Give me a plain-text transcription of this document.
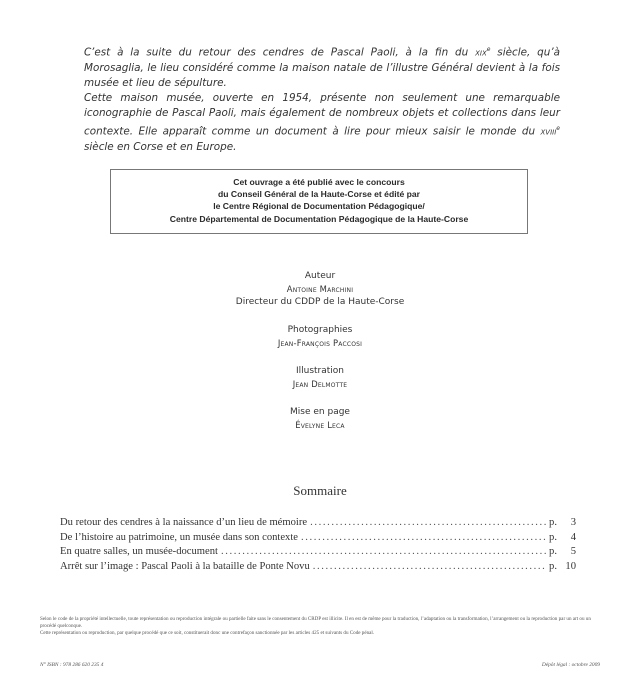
C’est à la suite du retour des cendres de Pascal Paoli, à la fin du xix$^e$ siècle, qu’à Morosaglia, le lieu considéré comme la maison natale de l’illustre Général devient à la fois musée et lieu de sépulture.

Cette maison musée, ouverte en 1954, présente non seulement une remarquable iconographie de Pascal Paoli, mais également de nombreux objets et collections dans leur contexte. Elle apparaît comme un document à lire pour mieux saisir le monde du xviii$^e$ siècle en Corse et en Europe.

Cet ouvrage a été publié avec le concours
du Conseil Général de la Haute-Corse et édité par
le Centre Régional de Documentation Pédagogique/
Centre Départemental de Documentation Pédagogique de la Haute-Corse
Auteur
Antoine Marchini
Directeur du CDDP de la Haute-Corse
Photographies
Jean-François Paccosi
Illustration
Jean Delmotte
Mise en page
Évelyne Leca
Sommaire
Du retour des cendres à la naissance d’un lieu de mémoire .....	p. 3
De l’histoire au patrimoine, un musée dans son contexte .....	p. 4
En quatre salles, un musée-document .....	p. 5
Arrêt sur l’image : Pascal Paoli à la bataille de Ponte Novu .....	p. 10

Selon le code de la propriété intellectuelle, toute représentation ou reproduction intégrale ou partielle faite sans le consentement du CRDP est illicite. Il en est de même pour la traduction, l’adaptation ou la transformation, l’arrangement ou la reproduction par un art ou un procédé quelconque.

Cette représentation ou reproduction, par quelque procédé que ce soit, constituerait donc une contrefaçon sanctionnée par les articles 425 et suivants du Code pénal.

N° ISBN : 978 286 620 235 4	Dépôt légal : octobre 2009
